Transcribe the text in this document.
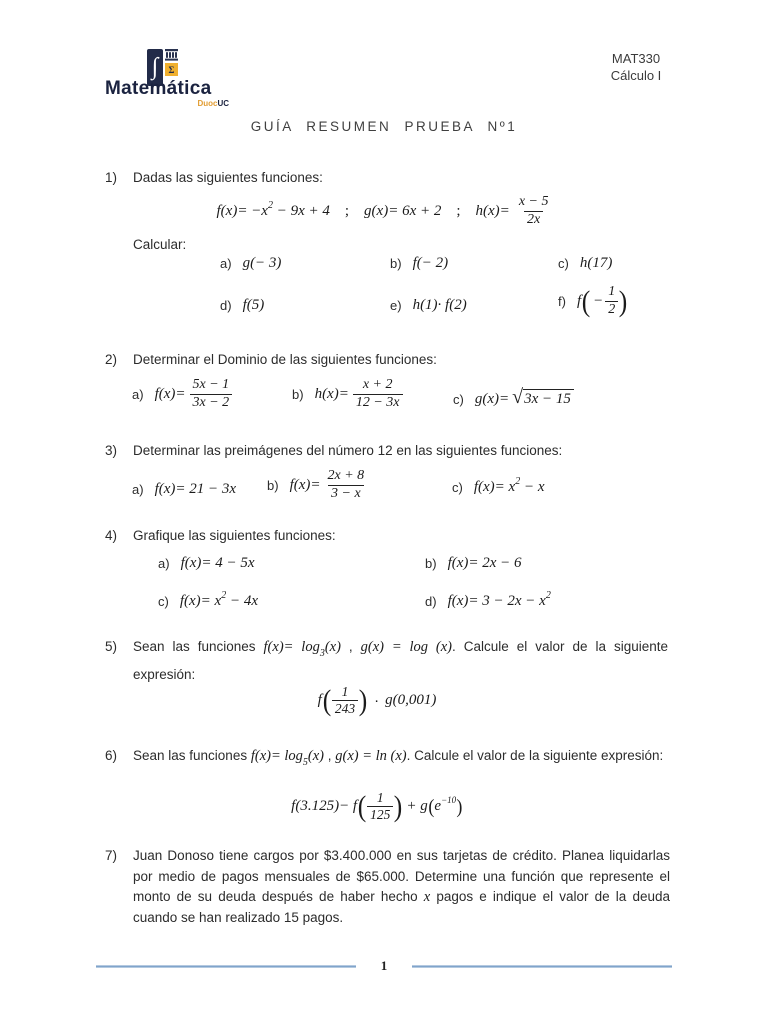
∫ Σ
Matemática
DuocUC
MAT330
Cálculo I
GUÍA RESUMEN PRUEBA Nº1
1)	Dadas las siguientes funciones:
$f(x)= -x^2 - 9x + 4$ ; g(x)= 6x + 2 ; $h(x)= \frac{x - 5}{2x}$
Calcular:
a) g(− 3)	b) f(− 2)	c) h(17)
d) f(5)	e) h(1)· f(2)	f) f ( − $\frac{1}{2}$ )
2)	Determinar el Dominio de las siguientes funciones:
a) $f(x)= \frac{5x - 1}{3x - 2}$	b) $h(x)= \frac{x + 2}{12 - 3x}$	c) g(x)= √ 3x − 15
3)	Determinar las preimágenes del número 12 en las siguientes funciones:
a) f(x)= 21 − 3x b) $f(x)= \frac{2x + 8}{3 - x}$	c) $f(x)= x^2 - x$
4)	Grafique las siguientes funciones:
a) f(x)= 4 − 5x	b) f(x)= 2x − 6
c) $f(x)= x^2 - 4x$	d) $f(x)= 3 - 2x - x^2$
5)	Sean las funciones $f(x)= \log_3(x)$ , g(x) = log (x). Calcule el valor de la siguiente expresión:
f ( $\frac{1}{243}$ ) · g(0,001)
6)	Sean las funciones $f(x)= \log_5(x)$ , g(x) = ln (x). Calcule el valor de la siguiente expresión:
f(3.125)− f ( $\frac{1}{125}$ ) + g ( $e^{-10}$ )
7)	Juan Donoso tiene cargos por $3.400.000 en sus tarjetas de crédito. Planea liquidarlas por medio de pagos mensuales de $65.000. Determine una función que represente el monto de su deuda después de haber hecho x pagos e indique el valor de la deuda cuando se han realizado 15 pagos.
1
